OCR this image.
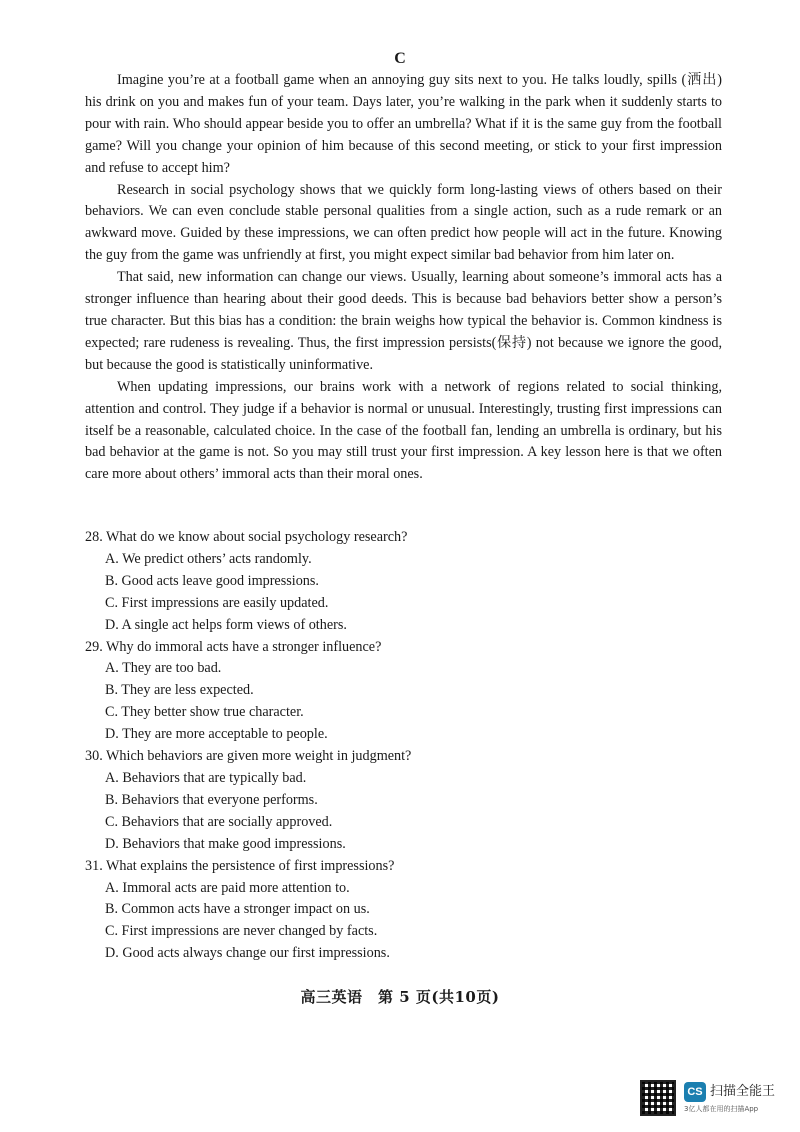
C

Imagine you’re at a football game when an annoying guy sits next to you. He talks loudly, spills (洒出) his drink on you and makes fun of your team. Days later, you’re walking in the park when it suddenly starts to pour with rain. Who should appear beside you to offer an umbrella? What if it is the same guy from the football game? Will you change your opinion of him because of this second meeting, or stick to your first impression and refuse to accept him?

Research in social psychology shows that we quickly form long-lasting views of others based on their behaviors. We can even conclude stable personal qualities from a single action, such as a rude remark or an awkward move. Guided by these impressions, we can often predict how people will act in the future. Knowing the guy from the game was unfriendly at first, you might expect similar bad behavior from him later on.

That said, new information can change our views. Usually, learning about someone’s immoral acts has a stronger influence than hearing about their good deeds. This is because bad behaviors better show a person’s true character. But this bias has a condition: the brain weighs how typical the behavior is. Common kindness is expected; rare rudeness is revealing. Thus, the first impression persists(保持) not because we ignore the good, but because the good is statistically uninformative.

When updating impressions, our brains work with a network of regions related to social thinking, attention and control. They judge if a behavior is normal or unusual. Interestingly, trusting first impressions can itself be a reasonable, calculated choice. In the case of the football fan, lending an umbrella is ordinary, but his bad behavior at the game is not. So you may still trust your first impression. A key lesson here is that we often care more about others’ immoral acts than their moral ones.

28. What do we know about social psychology research?
A. We predict others’ acts randomly.
B. Good acts leave good impressions.
C. First impressions are easily updated.
D. A single act helps form views of others.
29. Why do immoral acts have a stronger influence?
A. They are too bad.
B. They are less expected.
C. They better show true character.
D. They are more acceptable to people.
30. Which behaviors are given more weight in judgment?
A. Behaviors that are typically bad.
B. Behaviors that everyone performs.
C. Behaviors that are socially approved.
D. Behaviors that make good impressions.
31. What explains the persistence of first impressions?
A. Immoral acts are paid more attention to.
B. Common acts have a stronger impact on us.
C. First impressions are never changed by facts.
D. Good acts always change our first impressions.
高三英语　第 5 页(共10页)
CS 扫描全能王
3亿人都在用的扫描App
